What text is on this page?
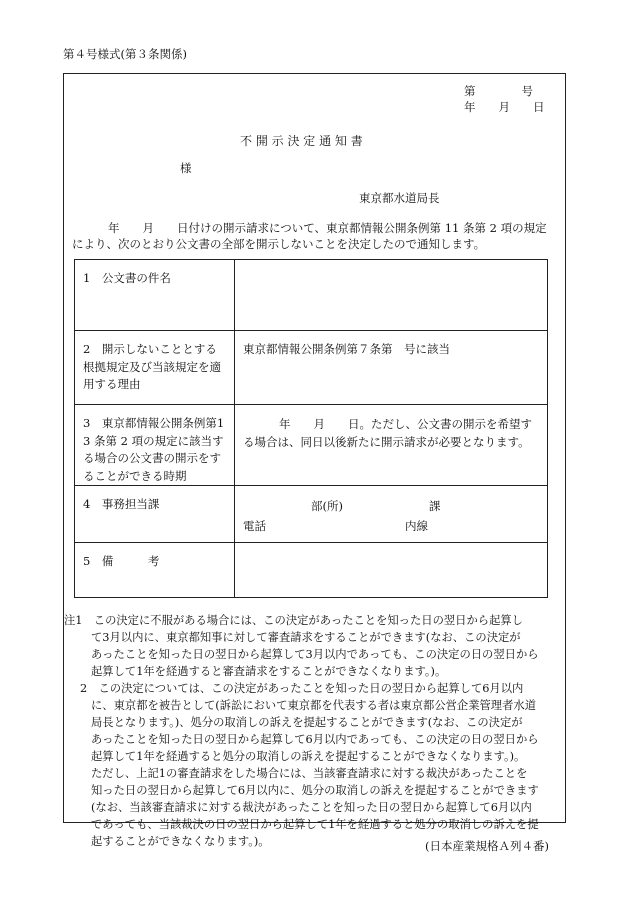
第４号様式(第３条関係)
第　　　　号
年　　月　　日
不 開 示 決 定 通 知 書
様
東京都水道局長
年　　月　　日付けの開示請求について、東京都情報公開条例第 11 条第 2 項の規定
により、次のとおり公文書の全部を開示しないことを決定したので通知します。
1　公文書の件名	

2　開示しないこととする根拠規定及び当該規定を適用する理由	東京都情報公開条例第７条第　号に該当

3　東京都情報公開条例第13 条第 2 項の規定に該当する場合の公文書の開示をすることができる時期	年　　月　　日。ただし、公文書の開示を希望する場合は、同日以後新たに開示請求が必要となります。

4　事務担当課	部(所) 課
電話 内線

5　備　　　考	

注1　この決定に不服がある場合には、この決定があったことを知った日の翌日から起算し
て3月以内に、東京都知事に対して審査請求をすることができます(なお、この決定が
あったことを知った日の翌日から起算して3月以内であっても、この決定の日の翌日から
起算して1年を経過すると審査請求をすることができなくなります。)。
2　この決定については、この決定があったことを知った日の翌日から起算して6月以内
に、東京都を被告として(訴訟において東京都を代表する者は東京都公営企業管理者水道
局長となります。)、処分の取消しの訴えを提起することができます(なお、この決定が
あったことを知った日の翌日から起算して6月以内であっても、この決定の日の翌日から
起算して1年を経過すると処分の取消しの訴えを提起することができなくなります。)。
ただし、上記1の審査請求をした場合には、当該審査請求に対する裁決があったことを
知った日の翌日から起算して6月以内に、処分の取消しの訴えを提起することができます
(なお、当該審査請求に対する裁決があったことを知った日の翌日から起算して6月以内
であっても、当該裁決の日の翌日から起算して1年を経過すると処分の取消しの訴えを提
起することができなくなります。)。	(日本産業規格Ａ列４番)
